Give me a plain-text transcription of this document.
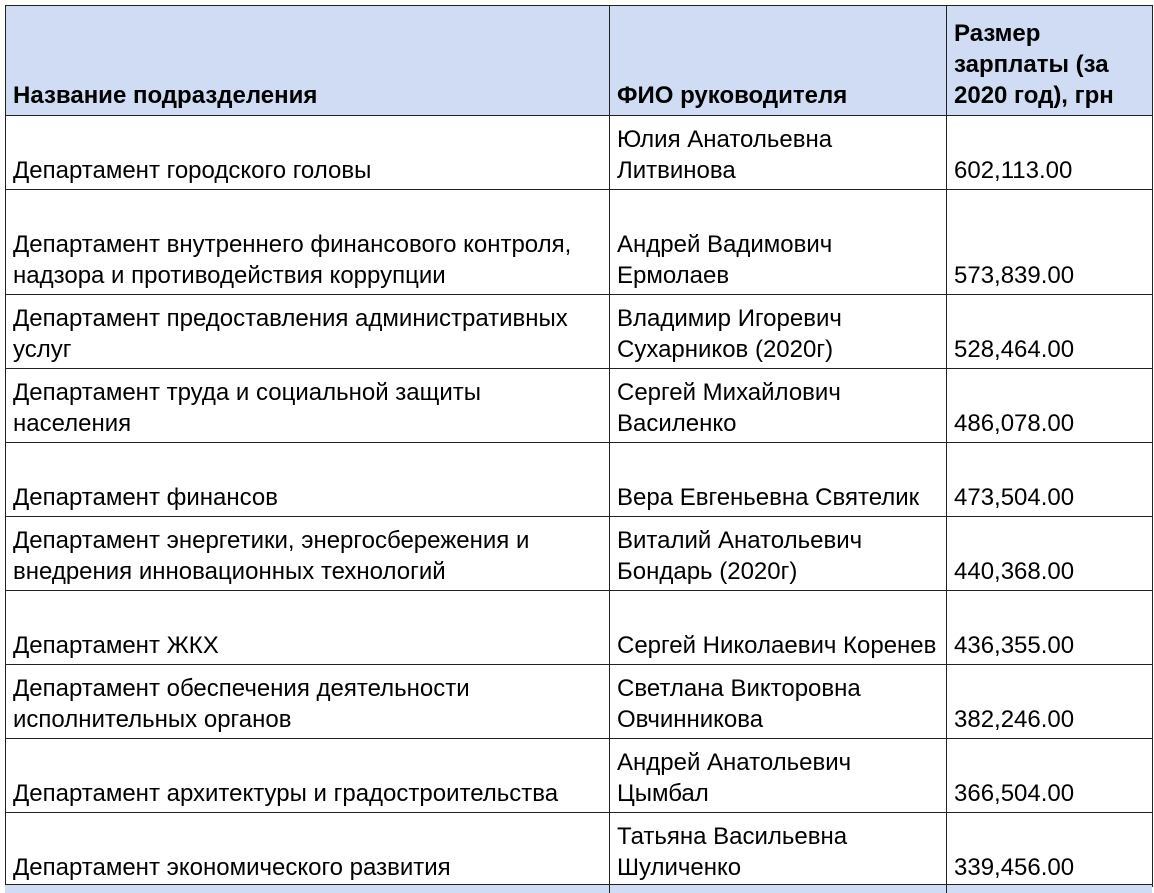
Название подразделения	ФИО руководителя	Размер зарплаты (за 2020 год), грн
Департамент городского головы	Юлия Анатольевна Литвинова	602,113.00
Департамент внутреннего финансового контроля, надзора и противодействия коррупции	Андрей Вадимович Ермолаев	573,839.00
Департамент предоставления административных услуг	Владимир Игоревич Сухарников (2020г)	528,464.00
Департамент труда и социальной защиты населения	Сергей Михайлович Василенко	486,078.00
Департамент финансов	Вера Евгеньевна Святелик	473,504.00
Департамент энергетики, энергосбережения и внедрения инновационных технологий	Виталий Анатольевич Бондарь (2020г)	440,368.00
Департамент ЖКХ	Сергей Николаевич Коренев	436,355.00
Департамент обеспечения деятельности исполнительных органов	Светлана Викторовна Овчинникова	382,246.00
Департамент архитектуры и градостроительства	Андрей Анатольевич Цымбал	366,504.00
Департамент экономического развития	Татьяна Васильевна Шуличенко	339,456.00
